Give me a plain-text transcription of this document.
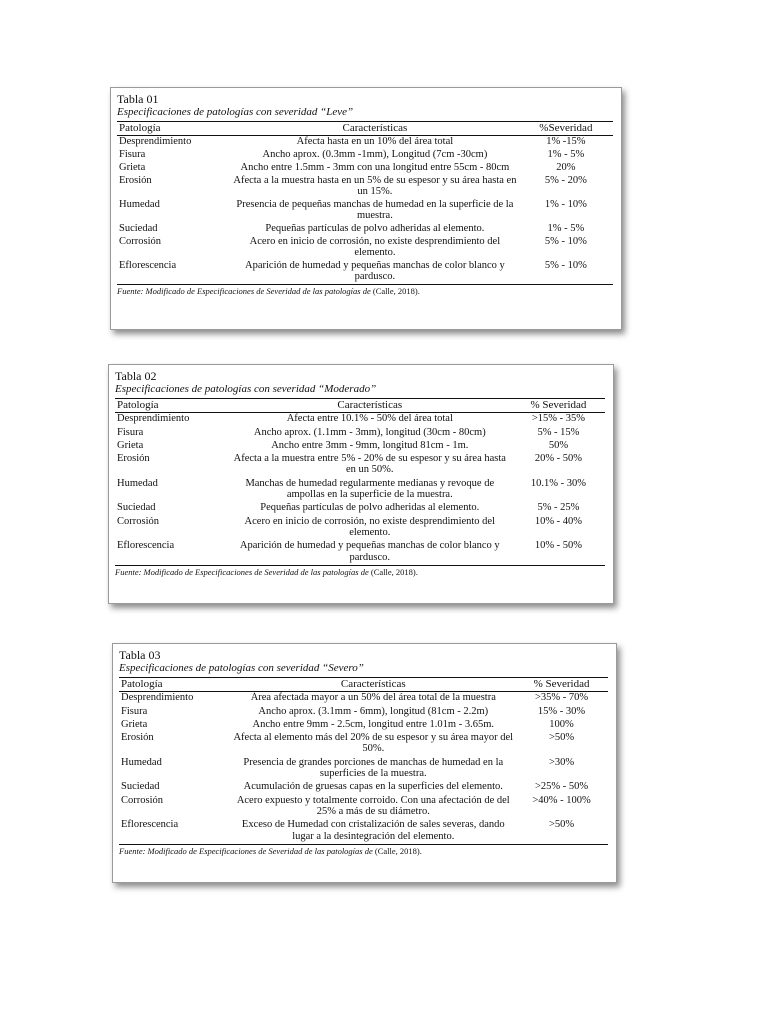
Tabla 01
Especificaciones de patologías con severidad “Leve”
Patología	Características	%Severidad
Desprendimiento	Afecta hasta en un 10% del área total	1% -15%
Fisura	Ancho aprox. (0.3mm -1mm), Longitud (7cm -30cm)	1% - 5%
Grieta	Ancho entre 1.5mm - 3mm con una longitud entre 55cm - 80cm	20%
Erosión	Afecta a la muestra hasta en un 5% de su espesor y su área hasta en un 15%.	5% - 20%
Humedad	Presencia de pequeñas manchas de humedad en la superficie de la muestra.	1% - 10%
Suciedad	Pequeñas partículas de polvo adheridas al elemento.	1% - 5%
Corrosión	Acero en inicio de corrosión, no existe desprendimiento del elemento.	5% - 10%
Eflorescencia	Aparición de humedad y pequeñas manchas de color blanco y pardusco.	5% - 10%
Fuente: Modificado de Especificaciones de Severidad de las patologías de (Calle, 2018).
Tabla 02
Especificaciones de patologías con severidad “Moderado”
Patología	Características	% Severidad
Desprendimiento	Afecta entre 10.1% - 50% del área total	>15% - 35%
Fisura	Ancho aprox. (1.1mm - 3mm), longitud (30cm - 80cm)	5% - 15%
Grieta	Ancho entre 3mm - 9mm, longitud 81cm - 1m.	50%
Erosión	Afecta a la muestra entre 5% - 20% de su espesor y su área hasta en un 50%.	20% - 50%
Humedad	Manchas de humedad regularmente medianas y revoque de ampollas en la superficie de la muestra.	10.1% - 30%
Suciedad	Pequeñas partículas de polvo adheridas al elemento.	5% - 25%
Corrosión	Acero en inicio de corrosión, no existe desprendimiento del elemento.	10% - 40%
Eflorescencia	Aparición de humedad y pequeñas manchas de color blanco y pardusco.	10% - 50%
Fuente: Modificado de Especificaciones de Severidad de las patologías de (Calle, 2018).
Tabla 03
Especificaciones de patologías con severidad “Severo”
Patología	Características	% Severidad
Desprendimiento	Área afectada mayor a un 50% del área total de la muestra	>35% - 70%
Fisura	Ancho aprox. (3.1mm - 6mm), longitud (81cm - 2.2m)	15% - 30%
Grieta	Ancho entre 9mm - 2.5cm, longitud entre 1.01m - 3.65m.	100%
Erosión	Afecta al elemento más del 20% de su espesor y su área mayor del 50%.	>50%
Humedad	Presencia de grandes porciones de manchas de humedad en la superficies de la muestra.	>30%
Suciedad	Acumulación de gruesas capas en la superficies del elemento.	>25% - 50%
Corrosión	Acero expuesto y totalmente corroido. Con una afectación de del 25% a más de su diámetro.	>40% - 100%
Eflorescencia	Exceso de Humedad con cristalización de sales severas, dando lugar a la desintegración del elemento.	>50%
Fuente: Modificado de Especificaciones de Severidad de las patologías de (Calle, 2018).
